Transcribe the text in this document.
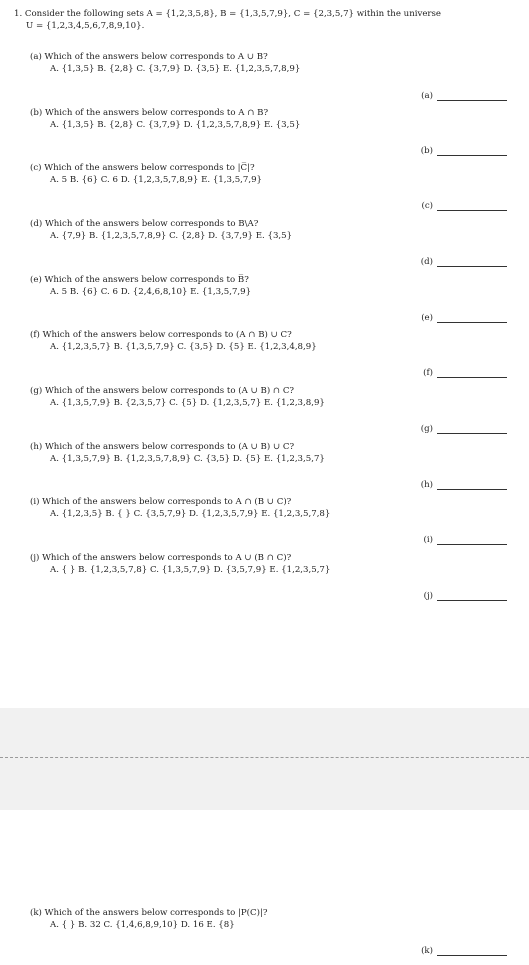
1. Consider the following sets A = {1,2,3,5,8}, B = {1,3,5,7,9}, C = {2,3,5,7} within the universe
U = {1,2,3,4,5,6,7,8,9,10}.
(a) Which of the answers below corresponds to A ∪ B?
A. {1,3,5} B. {2,8} C. {3,7,9} D. {3,5} E. {1,2,3,5,7,8,9}
(a)
(b) Which of the answers below corresponds to A ∩ B?
A. {1,3,5} B. {2,8} C. {3,7,9} D. {1,2,3,5,7,8,9} E. {3,5}
(b)
(c) Which of the answers below corresponds to |C̅|?
A. 5 B. {6} C. 6 D. {1,2,3,5,7,8,9} E. {1,3,5,7,9}
(c)
(d) Which of the answers below corresponds to B\A?
A. {7,9} B. {1,2,3,5,7,8,9} C. {2,8} D. {3,7,9} E. {3,5}
(d)
(e) Which of the answers below corresponds to B̅?
A. 5 B. {6} C. 6 D. {2,4,6,8,10} E. {1,3,5,7,9}
(e)
(f) Which of the answers below corresponds to (A ∩ B) ∪ C?
A. {1,2,3,5,7} B. {1,3,5,7,9} C. {3,5} D. {5} E. {1,2,3,4,8,9}
(f)
(g) Which of the answers below corresponds to (A ∪ B) ∩ C?
A. {1,3,5,7,9} B. {2,3,5,7} C. {5} D. {1,2,3,5,7} E. {1,2,3,8,9}
(g)
(h) Which of the answers below corresponds to (A ∪ B) ∪ C?
A. {1,3,5,7,9} B. {1,2,3,5,7,8,9} C. {3,5} D. {5} E. {1,2,3,5,7}
(h)
(i) Which of the answers below corresponds to A ∩ (B ∪ C)?
A. {1,2,3,5} B. { } C. {3,5,7,9} D. {1,2,3,5,7,9} E. {1,2,3,5,7,8}
(i)
(j) Which of the answers below corresponds to A ∪ (B ∩ C)?
A. { } B. {1,2,3,5,7,8} C. {1,3,5,7,9} D. {3,5,7,9} E. {1,2,3,5,7}
(j)
(k) Which of the answers below corresponds to |P(C)|?
A. { } B. 32 C. {1,4,6,8,9,10} D. 16 E. {8}
(k)
